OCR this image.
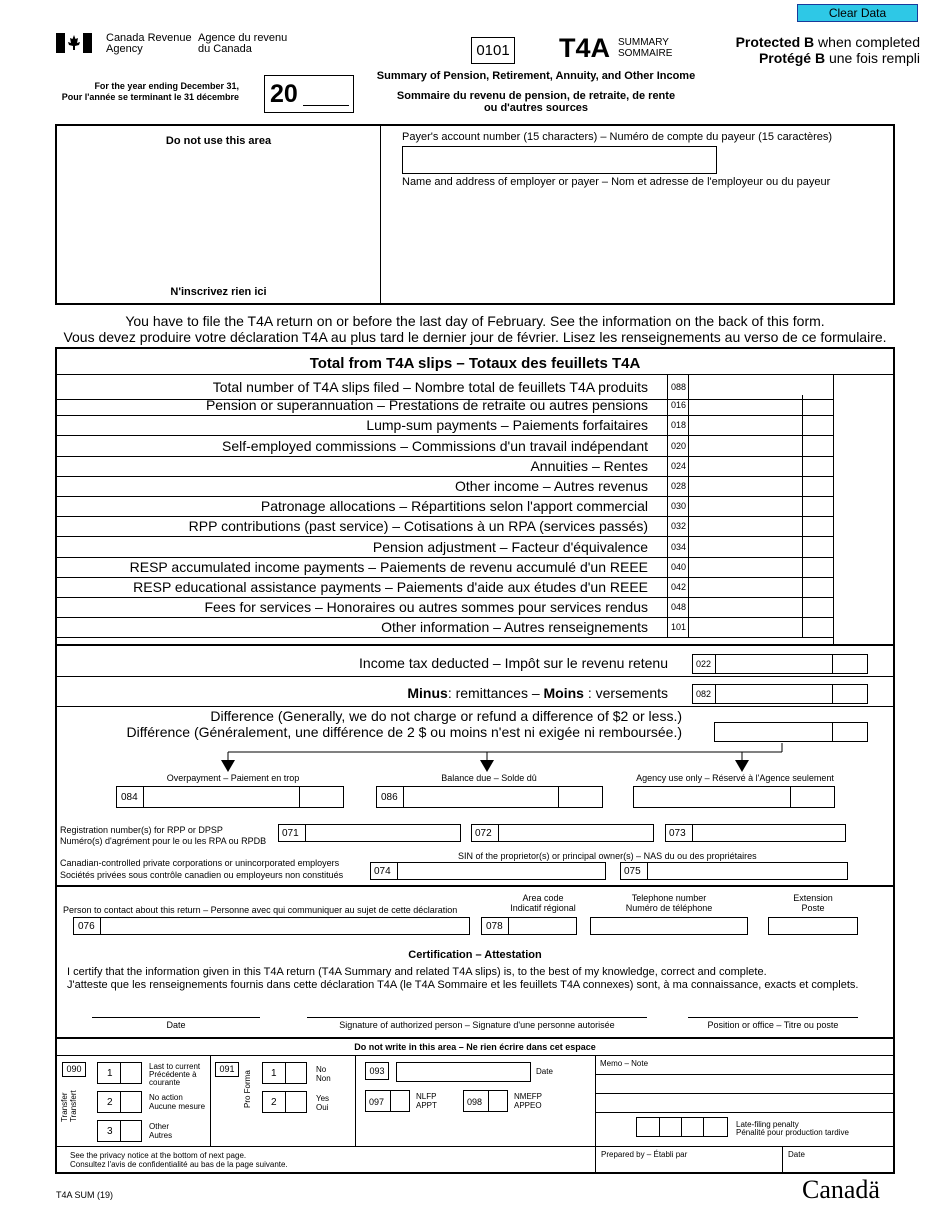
Clear Data
Canada Revenue
Agency
Agence du revenu
du Canada	0101 T4A SUMMARY
SOMMAIRE
Protected B when completed
Protégé B une fois rempli
For the year ending December 31,
Pour l'année se terminant le 31 décembre 20
Summary of Pension, Retirement, Annuity, and Other Income
Sommaire du revenu de pension, de retraite, de rente
ou d'autres sources
Do not use this area
N'inscrivez rien ici
Payer's account number (15 characters) – Numéro de compte du payeur (15 caractères)
Name and address of employer or payer – Nom et adresse de l'employeur ou du payeur
You have to file the T4A return on or before the last day of February. See the information on the back of this form.
Vous devez produire votre déclaration T4A au plus tard le dernier jour de février. Lisez les renseignements au verso de ce formulaire.
Total from T4A slips – Totaux des feuillets T4A
Total number of T4A slips filed – Nombre total de feuillets T4A produits	088
Pension or superannuation – Prestations de retraite ou autres pensions	016
Lump-sum payments – Paiements forfaitaires	018
Self-employed commissions – Commissions d'un travail indépendant	020
Annuities – Rentes	024
Other income – Autres revenus	028
Patronage allocations – Répartitions selon l'apport commercial	030
RPP contributions (past service) – Cotisations à un RPA (services passés)	032
Pension adjustment – Facteur d'équivalence	034
RESP accumulated income payments – Paiements de revenu accumulé d'un REEE	040
RESP educational assistance payments – Paiements d'aide aux études d'un REEE	042
Fees for services – Honoraires ou autres sommes pour services rendus	048
Other information – Autres renseignements	101
Income tax deducted – Impôt sur le revenu retenu	022
Minus: remittances – Moins : versements	082
Difference (Generally, we do not charge or refund a difference of $2 or less.)
Différence (Généralement, une différence de 2 $ ou moins n'est ni exigée ni remboursée.)
Overpayment – Paiement en trop
084
Balance due – Solde dû
086
Agency use only – Réservé à l'Agence seulement
Registration number(s) for RPP or DPSP
Numéro(s) d'agrément pour le ou les RPA ou RPDB
071	072	073
Canadian-controlled private corporations or unincorporated employers
Sociétés privées sous contrôle canadien ou employeurs non constitués
SIN of the proprietor(s) or principal owner(s) – NAS du ou des propriétaires
074	075
Person to contact about this return – Personne avec qui communiquer au sujet de cette déclaration
076
Area code
Indicatif régional
078
Telephone number
Numéro de téléphone
Extension
Poste
Certification – Attestation
I certify that the information given in this T4A return (T4A Summary and related T4A slips) is, to the best of my knowledge, correct and complete.
J'atteste que les renseignements fournis dans cette déclaration T4A (le T4A Sommaire et les feuillets T4A connexes) sont, à ma connaissance, exacts et complets.
Date	Signature of authorized person – Signature d'une personne autorisée	Position or office – Titre ou poste
Do not write in this area – Ne rien écrire dans cet espace
090
Transfer
Transfert
1
Last to current
Précédente à
courante
2	No action
Aucune mesure
3	Other
Autres
091
Pro Forma 1	No
Non
2	Yes
Oui
093	Date
097
NLFP
APPT	098
NMEFP
APPEO
Memo – Note
Late-filing penalty
Pénalité pour production tardive
See the privacy notice at the bottom of next page.
Consultez l'avis de confidentialité au bas de la page suivante.
Prepared by – Établi par	Date
T4A SUM (19)	Canadä
